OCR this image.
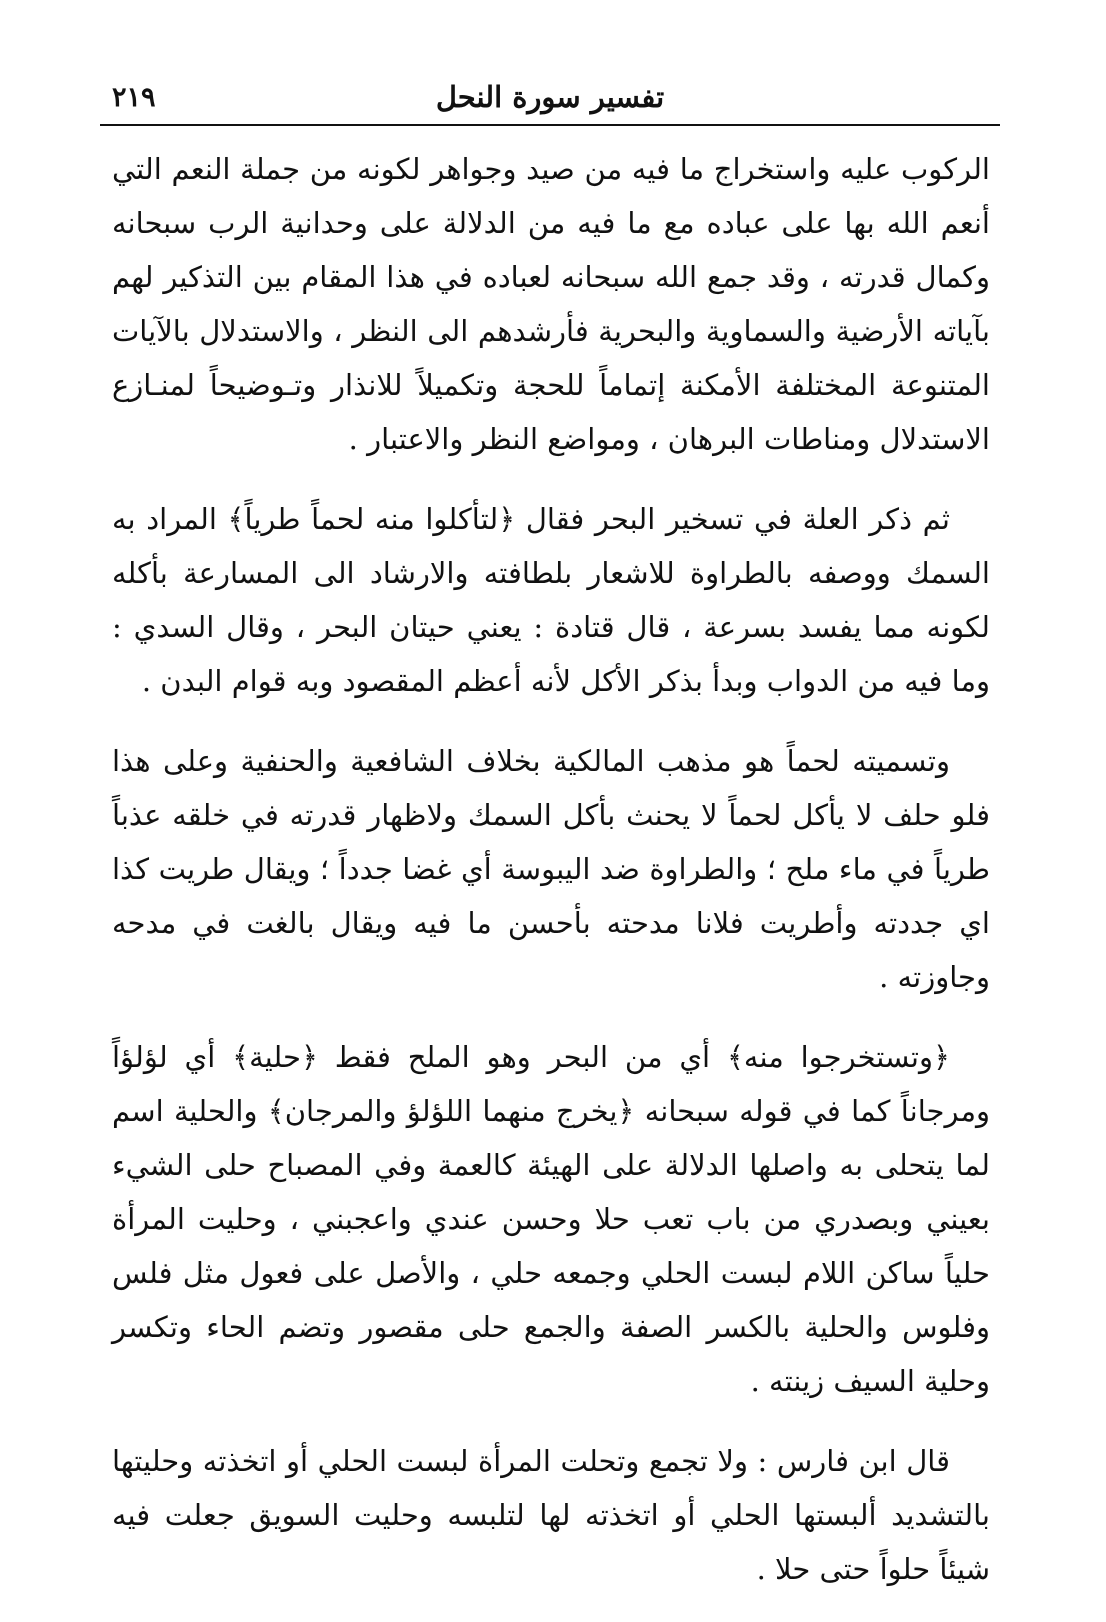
٢١٩	تفسير سورة النحل

الركوب عليه واستخراج ما فيه من صيد وجواهر لكونه من جملة النعم التي أنعم الله بها على عباده مع ما فيه من الدلالة على وحدانية الرب سبحانه وكمال قدرته ، وقد جمع الله سبحانه لعباده في هذا المقام بين التذكير لهم بآياته الأرضية والسماوية والبحرية فأرشدهم الى النظر ، والاستدلال بالآيات المتنوعة المختلفة الأمكنة إتماماً للحجة وتكميلاً للانذار وتـوضيحاً لمنـازع الاستدلال ومناطات البرهان ، ومواضع النظر والاعتبار .

ثم ذكر العلة في تسخير البحر فقال ﴿لتأكلوا منه لحماً طرياً﴾ المراد به السمك ووصفه بالطراوة للاشعار بلطافته والارشاد الى المسارعة بأكله لكونه مما يفسد بسرعة ، قال قتادة : يعني حيتان البحر ، وقال السدي : وما فيه من الدواب وبدأ بذكر الأكل لأنه أعظم المقصود وبه قوام البدن .

وتسميته لحماً هو مذهب المالكية بخلاف الشافعية والحنفية وعلى هذا فلو حلف لا يأكل لحماً لا يحنث بأكل السمك ولاظهار قدرته في خلقه عذباً طرياً في ماء ملح ؛ والطراوة ضد اليبوسة أي غضا جدداً ؛ ويقال طريت كذا اي جددته وأطريت فلانا مدحته بأحسن ما فيه ويقال بالغت في مدحه وجاوزته .

﴿وتستخرجوا منه﴾ أي من البحر وهو الملح فقط ﴿حلية﴾ أي لؤلؤاً ومرجاناً كما في قوله سبحانه ﴿يخرج منهما اللؤلؤ والمرجان﴾ والحلية اسم لما يتحلى به واصلها الدلالة على الهيئة كالعمة وفي المصباح حلى الشيء بعيني وبصدري من باب تعب حلا وحسن عندي واعجبني ، وحليت المرأة حلياً ساكن اللام لبست الحلي وجمعه حلي ، والأصل على فعول مثل فلس وفلوس والحلية بالكسر الصفة والجمع حلى مقصور وتضم الحاء وتكسر وحلية السيف زينته .

قال ابن فارس : ولا تجمع وتحلت المرأة لبست الحلي أو اتخذته وحليتها بالتشديد ألبستها الحلي أو اتخذته لها لتلبسه وحليت السويق جعلت فيه شيئاً حلواً حتى حلا .
